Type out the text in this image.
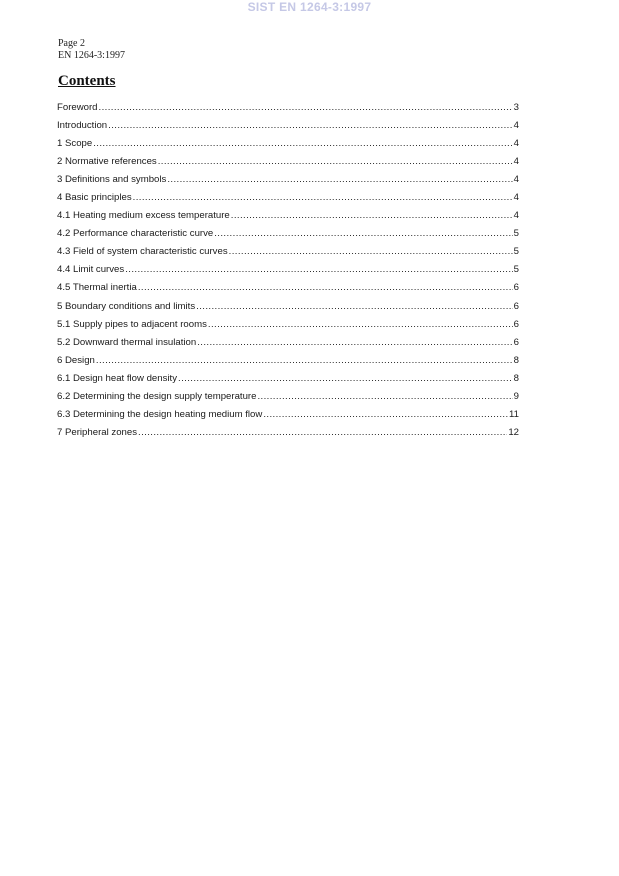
SIST EN 1264-3:1997
Page 2
EN 1264-3:1997
Contents
Foreword .....	3
Introduction .....	4
1 Scope .....	4
2 Normative references .....	4
3 Definitions and symbols .....	4
4 Basic principles .....	4
4.1 Heating medium excess temperature .....	4
4.2 Performance characteristic curve .....	5
4.3 Field of system characteristic curves .....	5
4.4 Limit curves .....	5
4.5 Thermal inertia .....	6
5 Boundary conditions and limits .....	6
5.1 Supply pipes to adjacent rooms .....	6
5.2 Downward thermal insulation .....	6
6 Design .....	8
6.1 Design heat flow density .....	8
6.2 Determining the design supply temperature .....	9
6.3 Determining the design heating medium flow .....	11
7 Peripheral zones .....	12
